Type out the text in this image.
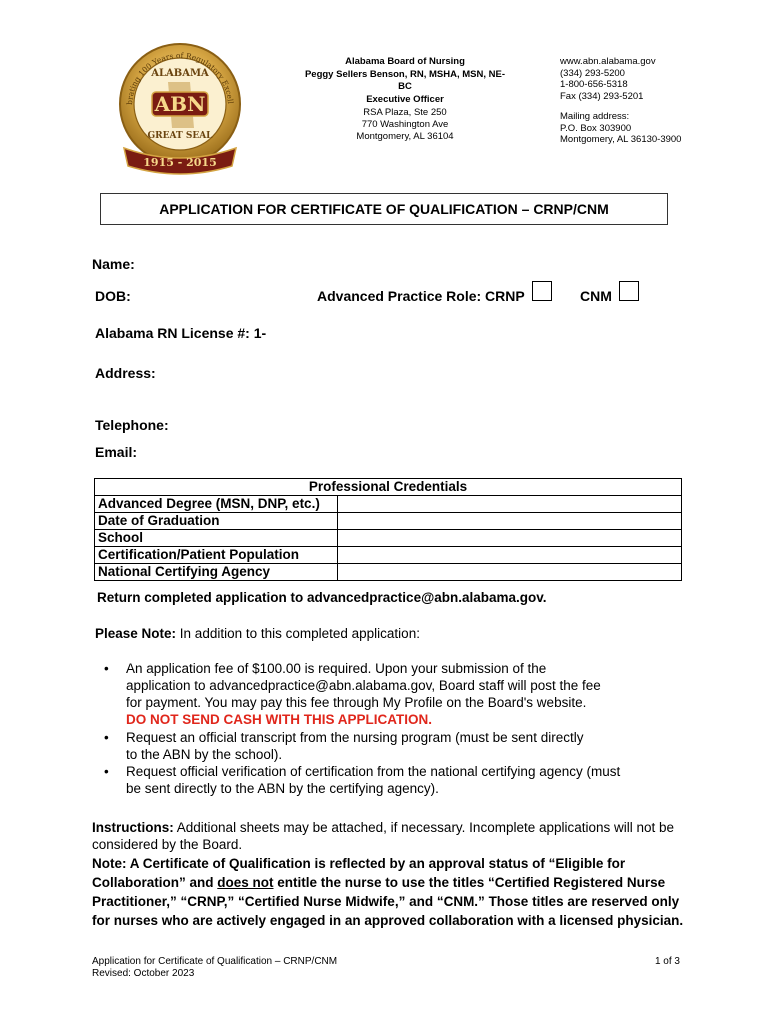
brating 100 Years of Regulatory Excell
ALABAMA
ABN
GREAT SEAL
1915 - 2015
Alabama Board of Nursing
Peggy Sellers Benson, RN, MSHA, MSN, NE-BC
Executive Officer
RSA Plaza, Ste 250
770 Washington Ave
Montgomery, AL 36104
www.abn.alabama.gov
(334) 293-5200
1-800-656-5318
Fax (334) 293-5201
Mailing address:
P.O. Box 303900
Montgomery, AL 36130-3900
APPLICATION FOR CERTIFICATE OF QUALIFICATION – CRNP/CNM
Name:
DOB:	Advanced Practice Role: CRNP	CNM
Alabama RN License #: 1-
Address:
Telephone:
Email:
Professional Credentials	
Advanced Degree (MSN, DNP, etc.)	
Date of Graduation	
School	
Certification/Patient Population	
National Certifying Agency	
Return completed application to advancedpractice@abn.alabama.gov.
Please Note: In addition to this completed application:
• An application fee of $100.00 is required. Upon your submission of the application to advancedpractice@abn.alabama.gov, Board staff will post the fee for payment. You may pay this fee through My Profile on the Board's website. DO NOT SEND CASH WITH THIS APPLICATION.
• Request an official transcript from the nursing program (must be sent directly to the ABN by the school).
• Request official verification of certification from the national certifying agency (must be sent directly to the ABN by the certifying agency).
Instructions: Additional sheets may be attached, if necessary. Incomplete applications will not be considered by the Board.
Note: A Certificate of Qualification is reflected by an approval status of “Eligible for Collaboration” and does not entitle the nurse to use the titles “Certified Registered Nurse Practitioner,” “CRNP,” “Certified Nurse Midwife,” and “CNM.” Those titles are reserved only for nurses who are actively engaged in an approved collaboration with a licensed physician.
Application for Certificate of Qualification – CRNP/CNM
Revised: October 2023
1 of 3
